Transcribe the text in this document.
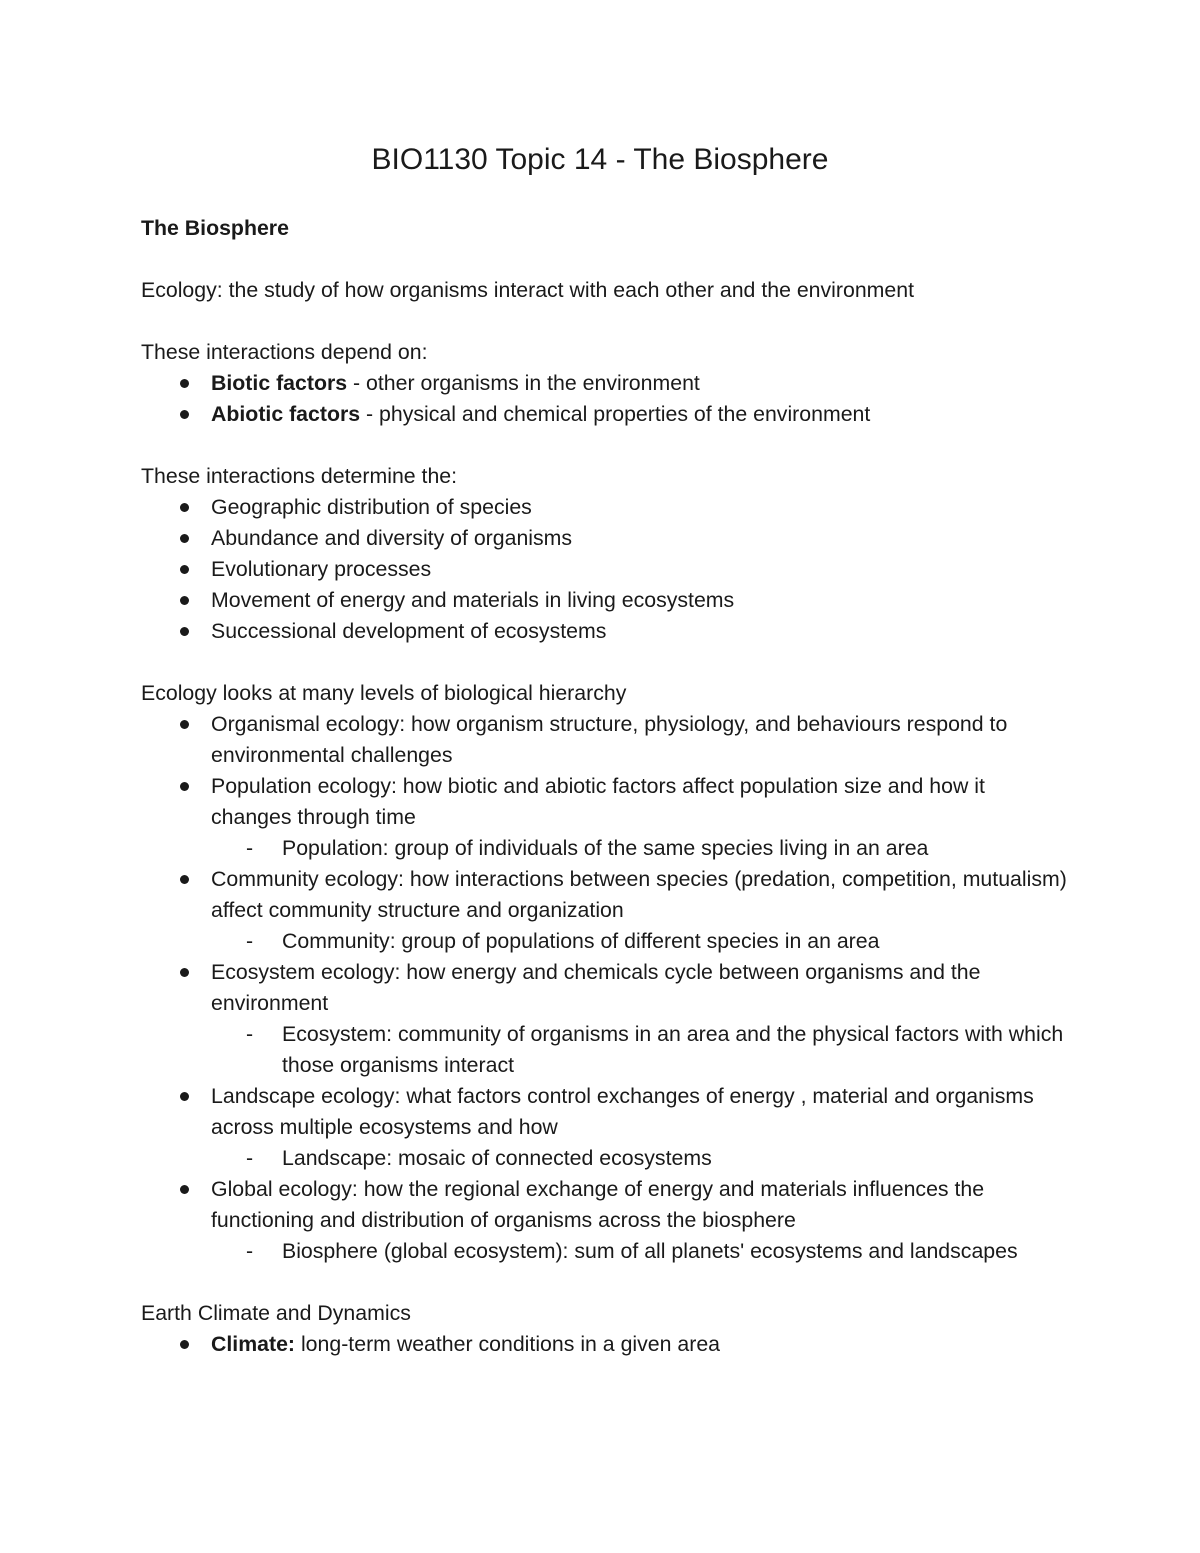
BIO1130 Topic 14 - The Biosphere

The Biosphere

Ecology: the study of how organisms interact with each other and the environment

These interactions depend on:

Biotic factors - other organisms in the environment
Abiotic factors - physical and chemical properties of the environment

These interactions determine the:

Geographic distribution of species
Abundance and diversity of organisms
Evolutionary processes
Movement of energy and materials in living ecosystems
Successional development of ecosystems

Ecology looks at many levels of biological hierarchy

Organismal ecology: how organism structure, physiology, and behaviours respond to environmental challenges
Population ecology: how biotic and abiotic factors affect population size and how it changes through time
- Population: group of individuals of the same species living in an area
Community ecology: how interactions between species (predation, competition, mutualism) affect community structure and organization
- Community: group of populations of different species in an area
Ecosystem ecology: how energy and chemicals cycle between organisms and the environment
- Ecosystem: community of organisms in an area and the physical factors with which those organisms interact
Landscape ecology: what factors control exchanges of energy , material and organisms across multiple ecosystems and how
- Landscape: mosaic of connected ecosystems
Global ecology: how the regional exchange of energy and materials influences the functioning and distribution of organisms across the biosphere
- Biosphere (global ecosystem): sum of all planets' ecosystems and landscapes

Earth Climate and Dynamics

Climate: long-term weather conditions in a given area
